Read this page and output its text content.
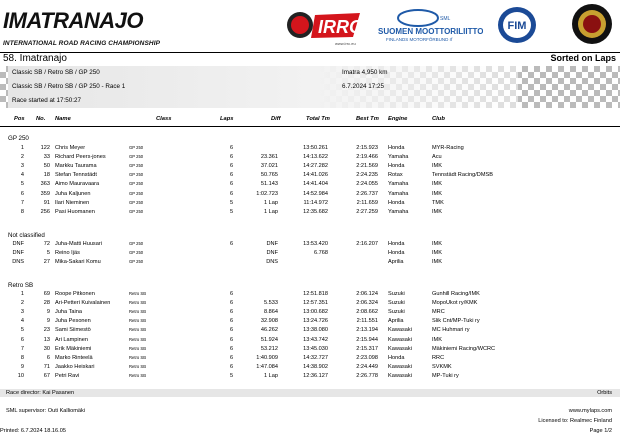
IMATRANAJO
INTERNATIONAL ROAD RACING CHAMPIONSHIP
IRRC
www.irrc.eu
SML
SUOMEN MOOTTORILIITTO ry
FINLANDS MOTORFÖRBUND rf
FIM
58. Imatranajo	Sorted on Laps
Classic SB / Retro SB / GP 250	Imatra 4,950 km
Classic SB / Retro SB / GP 250 - Race 1	6.7.2024 17:25
Race started at 17:50:27
Pos No. Name	Class	Laps	Diff	Total Tm	Best Tm Engine	Club
GP 250
1	122 Chris Meyer	GP 250	6	13:50.261	2:15.923 Honda	MYR-Racing
2	33 Richard Peers-jones	GP 250	6	23.361	14:13.622	2:19.466 Yamaha	Acu
3	50 Markku Taurama	GP 250	6	37.021	14:27.282	2:21.569 Honda	IMK
4	18 Stefan Tennstädt	GP 250	6	50.765	14:41.026	2:24.235 Rotax	Tennstädt Racing/DMSB
5	363 Aimo Mauravaara	GP 250	6	51.143	14:41.404	2:24.055 Yamaha	IMK
6	359 Juha Kaljunen	GP 250	6	1:02.723	14:52.984	2:26.737 Yamaha	IMK
7	91 Ilari Nieminen	GP 250	5	1 Lap	11:14.972	2:11.659 Honda	TMK
8	256 Pasi Huomanen	GP 250	5	1 Lap	12:35.682	2:27.259 Yamaha	IMK
Not classified
DNF	72 Juha-Matti Huusari	GP 250	6	DNF	13:53.420	2:16.207 Honda	IMK
DNF	5 Reino Ijäs	GP 250	DNF	6.768	Honda	IMK
DNS	27 Mika-Sakari Komu	GP 250	DNS	Aprilia	IMK
Retro SB
1	69 Roope Pitkonen	Retro SB	6	12:51.818	2:06.124 Suzuki	Gunhill Racing/IMK
2	28 Ari-Petteri Kuivalainen	Retro SB	6	5.533	12:57.351	2:06.324 Suzuki	MopoUkot ry/KMK
3	9 Juha Taina	Retro SB	6	8.864	13:00.682	2:08.662 Suzuki	MRC
4	9 Juha Pesonen	Retro SB	6	32.908	13:24.726	2:11.551 Aprilia	Slik Cnt/MP-Tuki ry
5	23 Sami Siimestö	Retro SB	6	46.262	13:38.080	2:13.194 Kawasaki	MC Huhmari ry
6	13 Ari Lampinen	Retro SB	6	51.924	13:43.742	2:15.944 Kawasaki	IMK
7	30 Erik Mäkiniemi	Retro SB	6	53.212	13:45.030	2:15.317 Kawasaki	Mäkiniemi Racing/WCRC
8	6 Marko Rinteelä	Retro SB	6	1:40.909	14:32.727	2:23.098 Honda	RRC
9	71 Jaakko Heiskari	Retro SB	6	1:47.084	14:38.902	2:24.449 Kawasaki	SVKMK
10	67 Petri Ravi	Retro SB	5	1 Lap	12:36.127	2:26.778 Kawasaki	MP-Tuki ry
Race director: Kai Pasanen	Orbits
SML supervisor: Outi Kalliomäki	www.mylaps.com
Licensed to: Realmec Finland
Printed: 6.7.2024 18.16.05	Page 1/2
